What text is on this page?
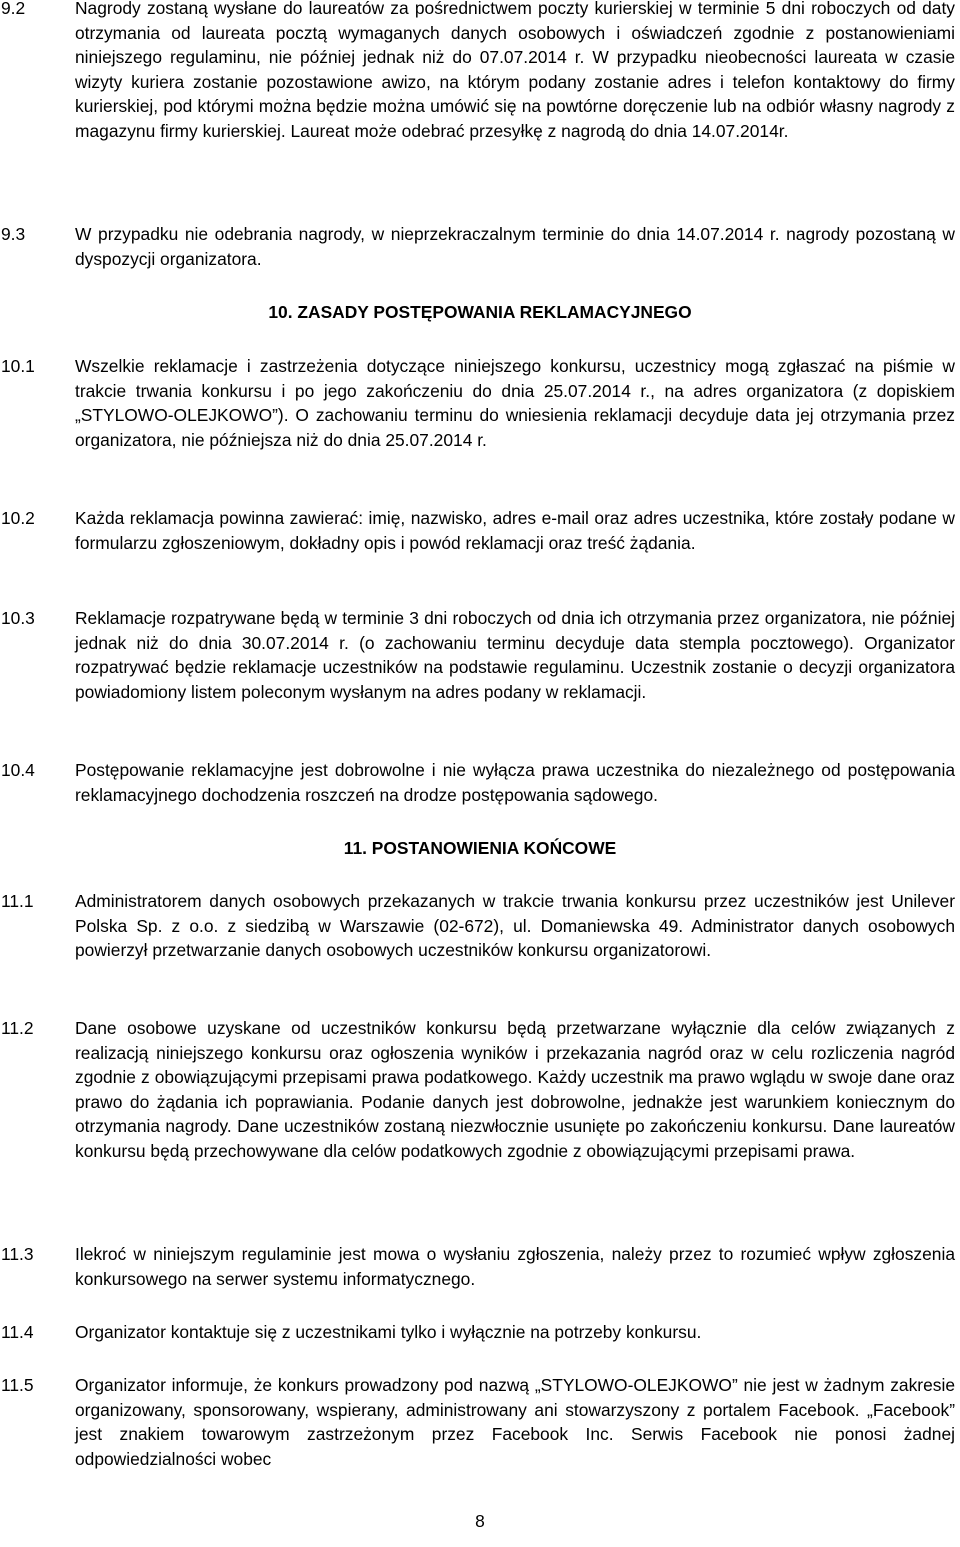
9.2	Nagrody zostaną wysłane do laureatów za pośrednictwem poczty kurierskiej w terminie 5 dni roboczych od daty otrzymania od laureata pocztą wymaganych danych osobowych i oświadczeń zgodnie z postanowieniami niniejszego regulaminu, nie później jednak niż do 07.07.2014 r. W przypadku nieobecności laureata w czasie wizyty kuriera zostanie pozostawione awizo, na którym podany zostanie adres i telefon kontaktowy do firmy kurierskiej, pod którymi można będzie można umówić się na powtórne doręczenie lub na odbiór własny nagrody z magazynu firmy kurierskiej. Laureat może odebrać przesyłkę z nagrodą do dnia 14.07.2014r.
9.3	W przypadku nie odebrania nagrody, w nieprzekraczalnym terminie do dnia 14.07.2014 r. nagrody pozostaną w dyspozycji organizatora.
10. ZASADY POSTĘPOWANIA REKLAMACYJNEGO
10.1 Wszelkie reklamacje i zastrzeżenia dotyczące niniejszego konkursu, uczestnicy mogą zgłaszać na piśmie w trakcie trwania konkursu i po jego zakończeniu do dnia 25.07.2014 r., na adres organizatora (z dopiskiem „STYLOWO-OLEJKOWO”). O zachowaniu terminu do wniesienia reklamacji decyduje data jej otrzymania przez organizatora, nie późniejsza niż do dnia 25.07.2014 r.
10.2 Każda reklamacja powinna zawierać: imię, nazwisko, adres e-mail oraz adres uczestnika, które zostały podane w formularzu zgłoszeniowym, dokładny opis i powód reklamacji oraz treść żądania.
10.3 Reklamacje rozpatrywane będą w terminie 3 dni roboczych od dnia ich otrzymania przez organizatora, nie później jednak niż do dnia 30.07.2014 r. (o zachowaniu terminu decyduje data stempla pocztowego). Organizator rozpatrywać będzie reklamacje uczestników na podstawie regulaminu. Uczestnik zostanie o decyzji organizatora powiadomiony listem poleconym wysłanym na adres podany w reklamacji.
10.4 Postępowanie reklamacyjne jest dobrowolne i nie wyłącza prawa uczestnika do niezależnego od postępowania reklamacyjnego dochodzenia roszczeń na drodze postępowania sądowego.
11. POSTANOWIENIA KOŃCOWE
11.1 Administratorem danych osobowych przekazanych w trakcie trwania konkursu przez uczestników jest Unilever Polska Sp. z o.o. z siedzibą w Warszawie (02-672), ul. Domaniewska 49. Administrator danych osobowych powierzył przetwarzanie danych osobowych uczestników konkursu organizatorowi.
11.2 Dane osobowe uzyskane od uczestników konkursu będą przetwarzane wyłącznie dla celów związanych z realizacją niniejszego konkursu oraz ogłoszenia wyników i przekazania nagród oraz w celu rozliczenia nagród zgodnie z obowiązującymi przepisami prawa podatkowego. Każdy uczestnik ma prawo wglądu w swoje dane oraz prawo do żądania ich poprawiania. Podanie danych jest dobrowolne, jednakże jest warunkiem koniecznym do otrzymania nagrody. Dane uczestników zostaną niezwłocznie usunięte po zakończeniu konkursu. Dane laureatów konkursu będą przechowywane dla celów podatkowych zgodnie z obowiązującymi przepisami prawa.
11.3 Ilekroć w niniejszym regulaminie jest mowa o wysłaniu zgłoszenia, należy przez to rozumieć wpływ zgłoszenia konkursowego na serwer systemu informatycznego.
11.4 Organizator kontaktuje się z uczestnikami tylko i wyłącznie na potrzeby konkursu.
11.5 Organizator informuje, że konkurs prowadzony pod nazwą „STYLOWO-OLEJKOWO” nie jest w żadnym zakresie organizowany, sponsorowany, wspierany, administrowany ani stowarzyszony z portalem Facebook. „Facebook” jest znakiem towarowym zastrzeżonym przez Facebook Inc. Serwis Facebook nie ponosi żadnej odpowiedzialności wobec
8
